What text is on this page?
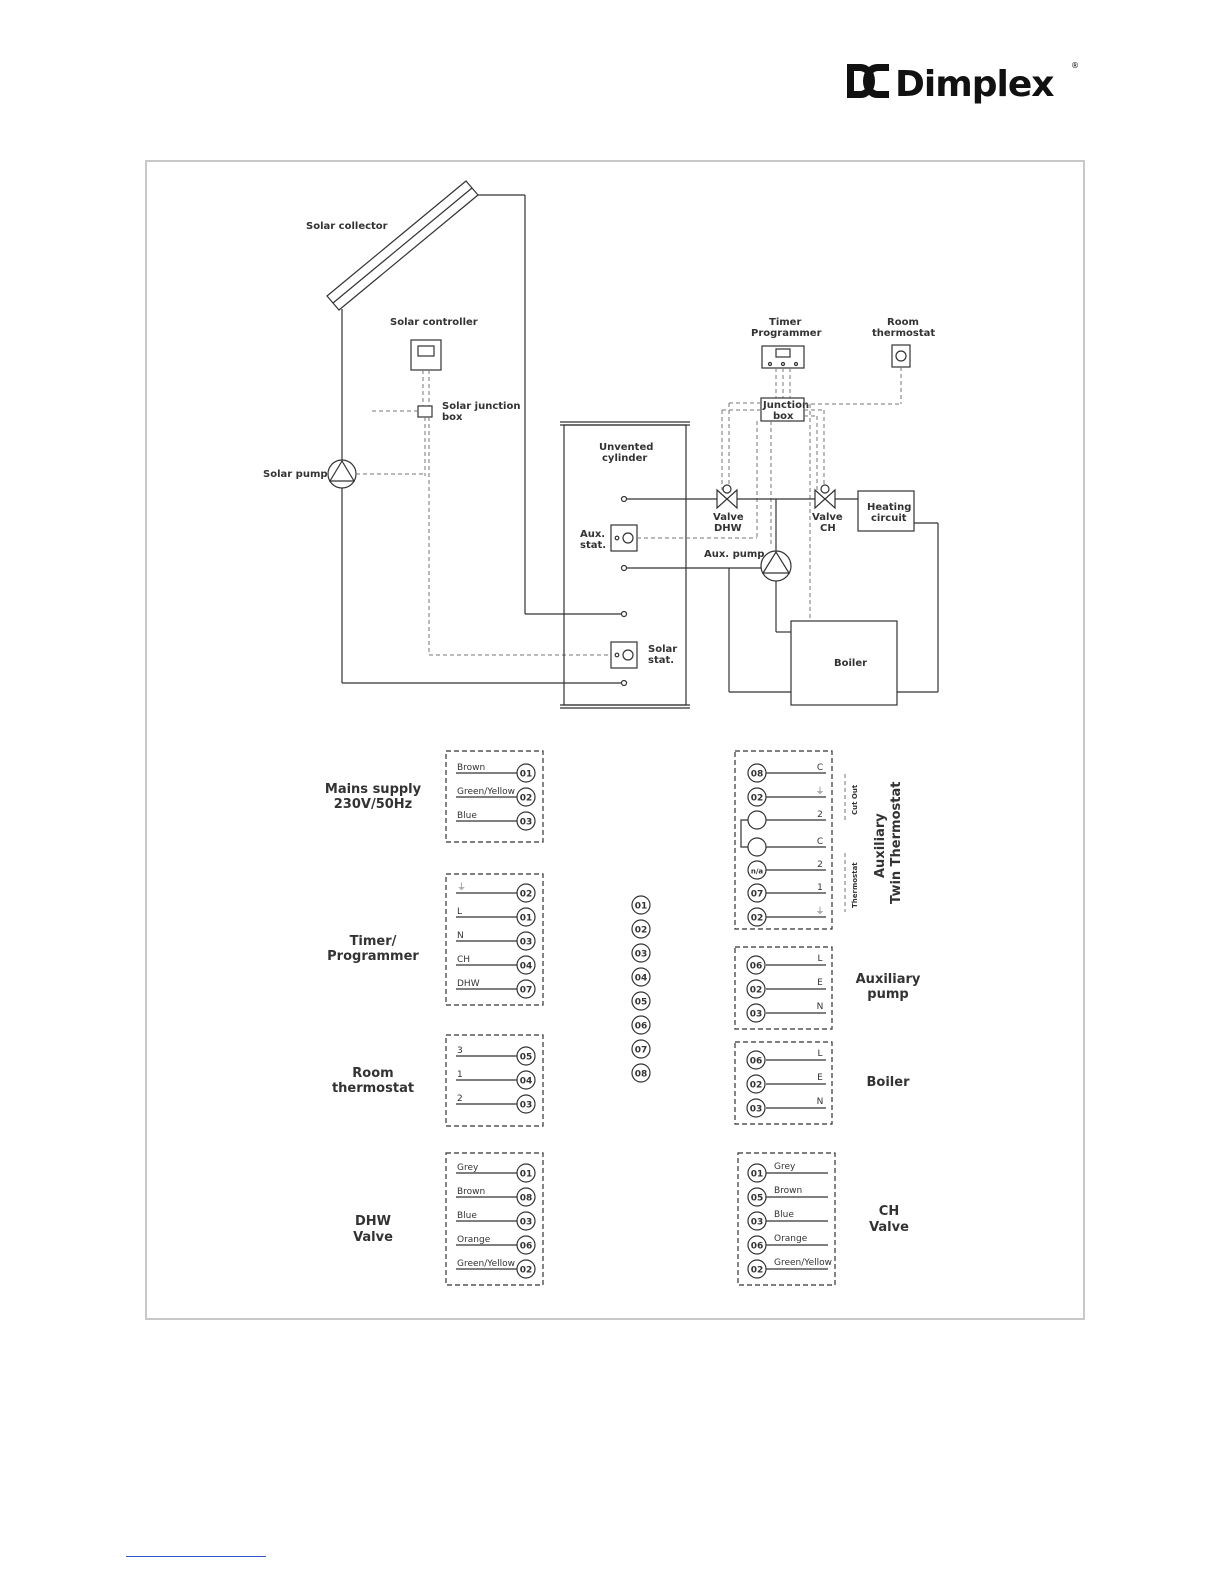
Dimplex ®
Solar collector
Solar controller
Solar junction
box
Solar pump
Unvented
cylinder
Aux.
stat.
Solar
stat.
Timer
Programmer
Room
thermostat
Junction
box
Valve
DHW
Valve
CH
Heating
circuit
Aux. pump
Boiler
Mains supply
230V/50Hz
Timer/
Programmer
Room
thermostat
DHW
Valve
Brown
01
Green/Yellow
02
Blue
03
⏚
02
L
01
N
03
CH
04
DHW
07
3
05
1
04
2
03
Grey
01
Brown
08
Blue
03
Orange
06
Green/Yellow
02
01
02
03
04
05
06
07
08
Cut Out
Thermostat
Auxiliary Twin Thermostat
C
08
⏚
02
2
C
2
n/a
1
07
⏚
02
Auxiliary
pump
Boiler
L
06
E
02
N
03
L
06
E
02
N
03
CH
Valve
Grey
01
Brown
05
Blue
03
Orange
06
Green/Yellow
02
